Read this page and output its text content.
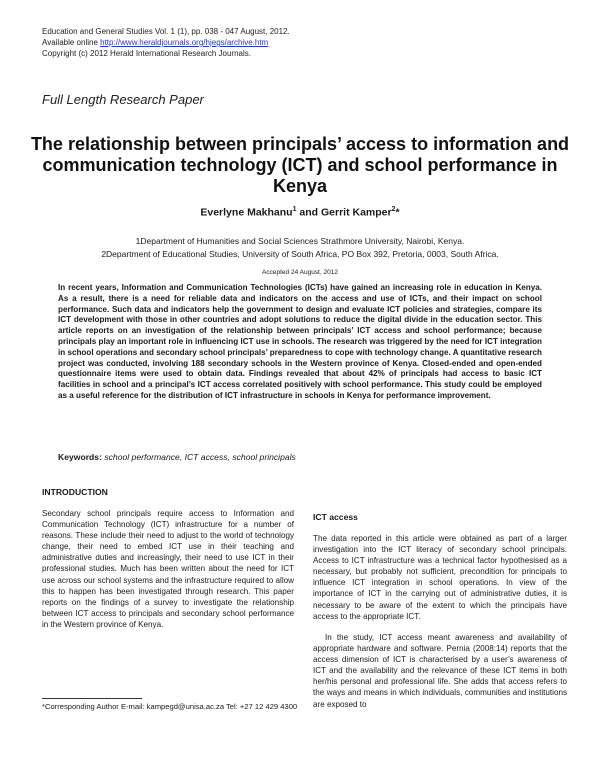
Education and General Studies Vol. 1 (1), pp. 038 - 047 August, 2012.
Available online http://www.heraldjournals.org/hjegs/archive.htm
Copyright (c) 2012 Herald International Research Journals.
Full Length Research Paper
The relationship between principals’ access to information and communication technology (ICT) and school performance in Kenya
Everlyne Makhanu$^1$ and Gerrit Kamper$^2$*
1Department of Humanities and Social Sciences Strathmore University, Nairobi, Kenya.
2Department of Educational Studies, University of South Africa, PO Box 392, Pretoria, 0003, South Africa.
Accepted 24 August, 2012

In recent years, Information and Communication Technologies (ICTs) have gained an increasing role in education in Kenya. As a result, there is a need for reliable data and indicators on the access and use of ICTs, and their impact on school performance. Such data and indicators help the government to design and evaluate ICT policies and strategies, compare its ICT development with those in other countries and adopt solutions to reduce the digital divide in the education sector. This article reports on an investigation of the relationship between principals’ ICT access and school performance; because principals play an important role in influencing ICT use in schools. The research was triggered by the need for ICT integration in school operations and secondary school principals’ preparedness to cope with technology change. A quantitative research project was conducted, involving 188 secondary schools in the Western province of Kenya. Closed-ended and open-ended questionnaire items were used to obtain data. Findings revealed that about 42% of principals had access to basic ICT facilities in school and a principal’s ICT access correlated positively with school performance. This study could be employed as a useful reference for the distribution of ICT infrastructure in schools in Kenya for performance improvement.

Keywords: school performance, ICT access, school principals
INTRODUCTION

Secondary school principals require access to Information and Communication Technology (ICT) infrastructure for a number of reasons. These include their need to adjust to the world of technology change, their need to embed ICT use in their teaching and administrative duties and increasingly, their need to use ICT in their professional studies. Much has been written about the need for ICT use across our school systems and the infrastructure required to allow this to happen has been investigated through research. This paper reports on the findings of a survey to investigate the relationship between ICT access to principals and secondary school performance in the Western province of Kenya.

ICT access

The data reported in this article were obtained as part of a larger investigation into the ICT literacy of secondary school principals. Access to ICT infrastructure was a technical factor hypothesised as a necessary, but probably not sufficient, precondition for principals to influence ICT integration in school operations. In view of the importance of ICT in the carrying out of administrative duties, it is necessary to be aware of the extent to which the principals have access to the appropriate ICT.

In the study, ICT access meant awareness and availability of appropriate hardware and software. Pernia (2008:14) reports that the access dimension of ICT is characterised by a user’s awareness of ICT and the availability and the relevance of these ICT items in both her/his personal and professional life. She adds that access refers to the ways and means in which individuals, communities and institutions are exposed to

*Corresponding Author E-mail: kampegd@unisa.ac.za Tel: +27 12 429 4300
